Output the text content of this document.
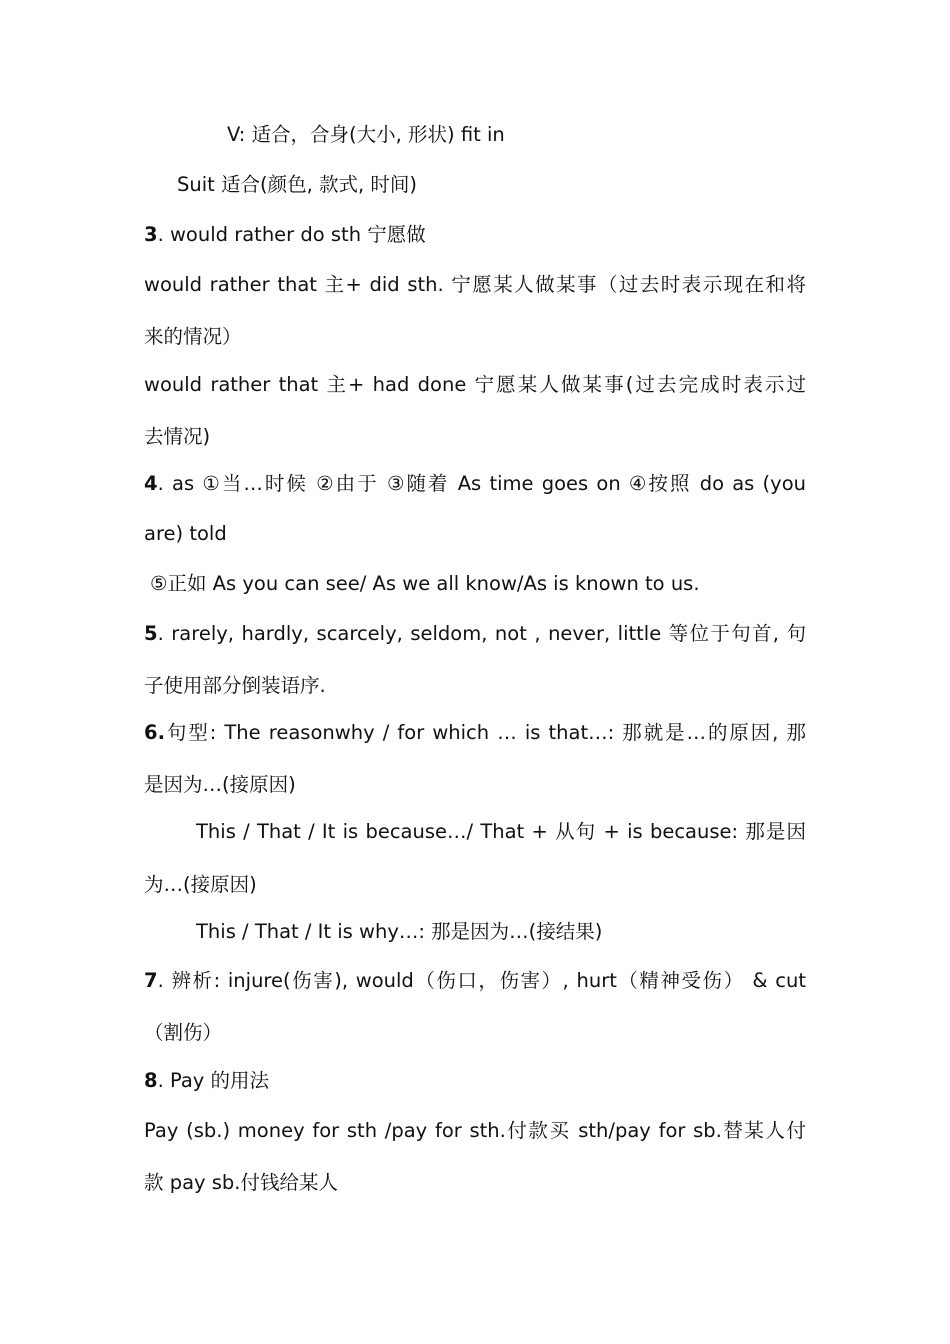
V: 适合，合身(大小, 形状) fit in
Suit 适合(颜色, 款式, 时间)
3. would rather do sth 宁愿做
would rather that 主+ did sth. 宁愿某人做某事（过去时表示现在和将
来的情况）
would rather that 主+ had done 宁愿某人做某事(过去完成时表示过
去情况)
4. as ①当…时候 ②由于 ③随着 As time goes on ④按照 do as (you
are) told
⑤正如 As you can see/ As we all know/As is known to us.
5. rarely, hardly, scarcely, seldom, not , never, little 等位于句首, 句
子使用部分倒装语序.
6.句型: The reasonwhy / for which … is that…: 那就是…的原因, 那
是因为…(接原因)
This / That / It is because…/ That + 从句 + is because: 那是因
为…(接原因)
This / That / It is why…: 那是因为…(接结果)
7. 辨析: injure(伤害), would（伤口，伤害）, hurt（精神受伤） & cut
（割伤）
8. Pay 的用法
Pay (sb.) money for sth /pay for sth.付款买 sth/pay for sb.替某人付
款 pay sb.付钱给某人
